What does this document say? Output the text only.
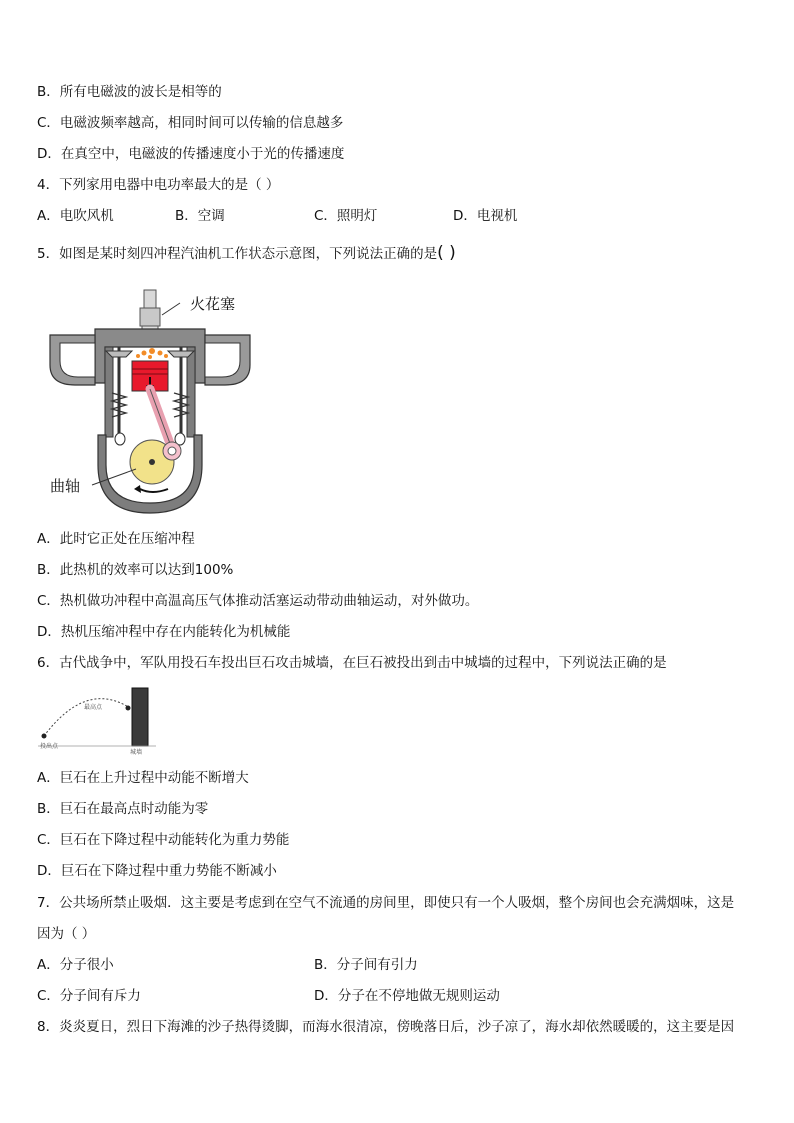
B．所有电磁波的波长是相等的
C．电磁波频率越高，相同时间可以传输的信息越多
D．在真空中，电磁波的传播速度小于光的传播速度
4．下列家用电器中电功率最大的是（ ）
A．电吹风机	B．空调	C．照明灯	D．电视机
5．如图是某时刻四冲程汽油机工作状态示意图，下列说法正确的是( )
火花塞
曲轴
A．此时它正处在压缩冲程
B．此热机的效率可以达到100%
C．热机做功冲程中高温高压气体推动活塞运动带动曲轴运动，对外做功。
D．热机压缩冲程中存在内能转化为机械能
6．古代战争中，军队用投石车投出巨石攻击城墙，在巨石被投出到击中城墙的过程中，下列说法正确的是
投出点
最高点
城墙
A．巨石在上升过程中动能不断增大
B．巨石在最高点时动能为零
C．巨石在下降过程中动能转化为重力势能
D．巨石在下降过程中重力势能不断减小
7．公共场所禁止吸烟．这主要是考虑到在空气不流通的房间里，即使只有一个人吸烟，整个房间也会充满烟味，这是
因为（ ）
A．分子很小	B．分子间有引力
C．分子间有斥力	D．分子在不停地做无规则运动
8．炎炎夏日，烈日下海滩的沙子热得烫脚，而海水很清凉，傍晚落日后，沙子凉了，海水却依然暖暖的，这主要是因
